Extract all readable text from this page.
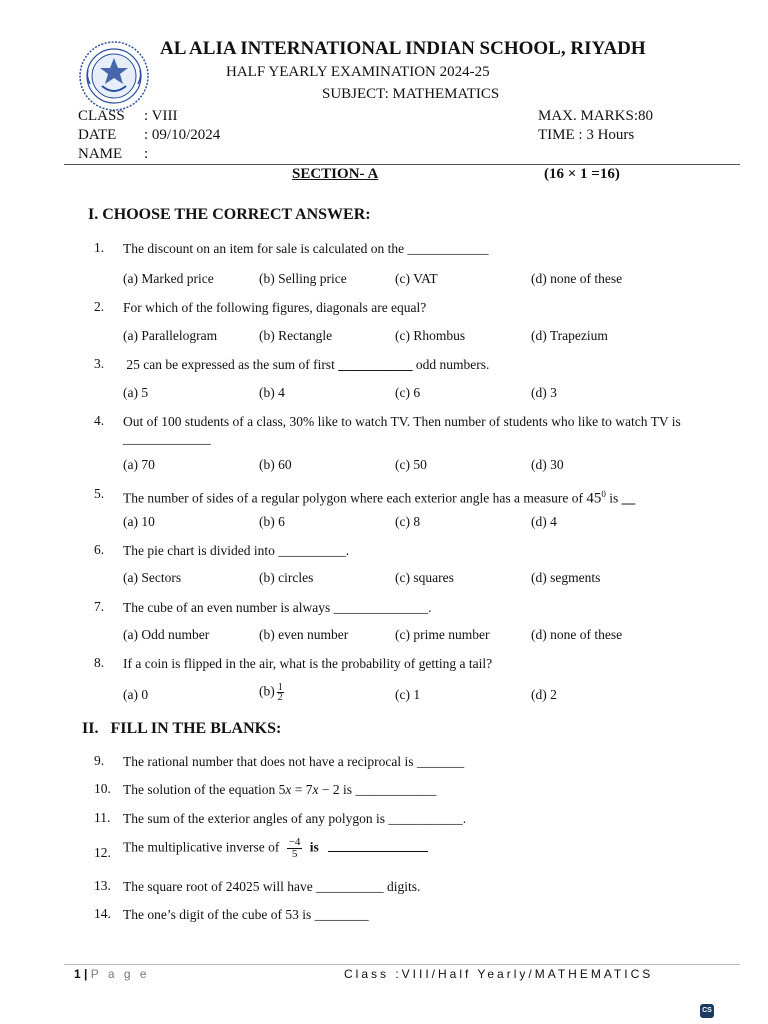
AL ALIA INTERNATIONAL INDIAN SCHOOL, RIYADH
HALF YEARLY EXAMINATION 2024-25
SUBJECT: MATHEMATICS
CLASS : VIII
DATE : 09/10/2024
NAME :
MAX. MARKS:80
TIME : 3 Hours
SECTION- A	(16 × 1 =16)
I. CHOOSE THE CORRECT ANSWER:
1.	The discount on an item for sale is calculated on the ____________
(a) Marked price	(b) Selling price	(c) VAT	(d) none of these
2.	For which of the following figures, diagonals are equal?
(a) Parallelogram	(b) Rectangle	(c) Rhombus	(d) Trapezium
3.	25 can be expressed as the sum of first ___________ odd numbers.
(a) 5	(b) 4	(c) 6	(d) 3
4.	Out of 100 students of a class, 30% like to watch TV. Then number of students who like to watch TV is _____________
(a) 70	(b) 60	(c) 50	(d) 30
5.	The number of sides of a regular polygon where each exterior angle has a measure of $45^0$ is __
(a) 10	(b) 6	(c) 8	(d) 4
6.	The pie chart is divided into __________.
(a) Sectors	(b) circles	(c) squares	(d) segments
7.	The cube of an even number is always ______________.
(a) Odd number	(b) even number	(c) prime number	(d) none of these
8.	If a coin is flipped in the air, what is the probability of getting a tail?
(a) 0	$(b) \frac{1}{2}$	(c) 1	(d) 2
II.   FILL IN THE BLANKS:
9.	The rational number that does not have a reciprocal is _______
10. The solution of the equation 5x = 7x − 2 is ____________
11. The sum of the exterior angles of any polygon is ___________.
12. The multiplicative inverse of $\frac{-4}{5}$ is
13. The square root of 24025 will have __________ digits.
14. The one’s digit of the cube of 53 is ________
1 | P a g e	Class :VIII/Half Yearly/MATHEMATICS
CS
